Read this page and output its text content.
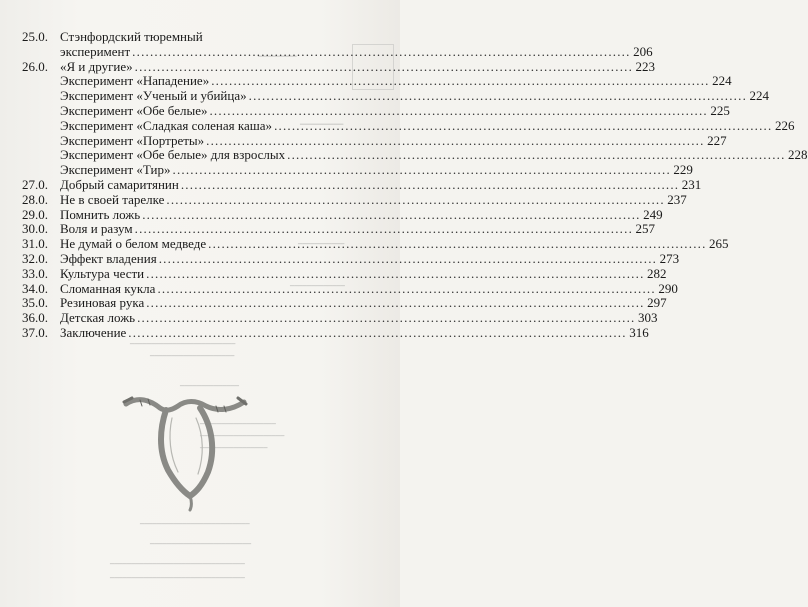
━━━━━━━━
━━━━━━━━━
━━━━━━━━━━━
━━━━━━━━━━━━━
━━━━━━━━━━━━━━━━━━━━━━━━━
━━━━━━━━━━━━━━━━━━━━
━━━━━━━━━━━━━━
━━━━━━━━━━━━━━━━━━
━━━━━━━━━━━━━━━━━━━━
━━━━━━━━━━━━━━━━
━━━━━━━━━━━━━━━━━━━━━━━━━━
━━━━━━━━━━━━━━━━━━━━━━━━
━━━━━━━━━━━━━━━━━━━━━━━━━━━━━━━━
━━━━━━━━━━━━━━━━━━━━━━━━━━━━━━━━
25.0. Стэнфордский тюремный
эксперимент .....	206
26.0. «Я и другие» .....	223
Эксперимент «Нападение» .....	224
Эксперимент «Ученый и убийца» .....	224
Эксперимент «Обе белые» .....	225
Эксперимент «Сладкая соленая каша» .....	226
Эксперимент «Портреты» .....	227
Эксперимент «Обе белые» для взрослых .....	228
Эксперимент «Тир» .....	229
27.0. Добрый самаритянин .....	231
28.0. Не в своей тарелке .....	237
29.0. Помнить ложь .....	249
30.0. Воля и разум .....	257
31.0. Не думай о белом медведе .....	265
32.0. Эффект владения .....	273
33.0. Культура чести .....	282
34.0. Сломанная кукла .....	290
35.0. Резиновая рука .....	297
36.0. Детская ложь .....	303
37.0. Заключение .....	316
